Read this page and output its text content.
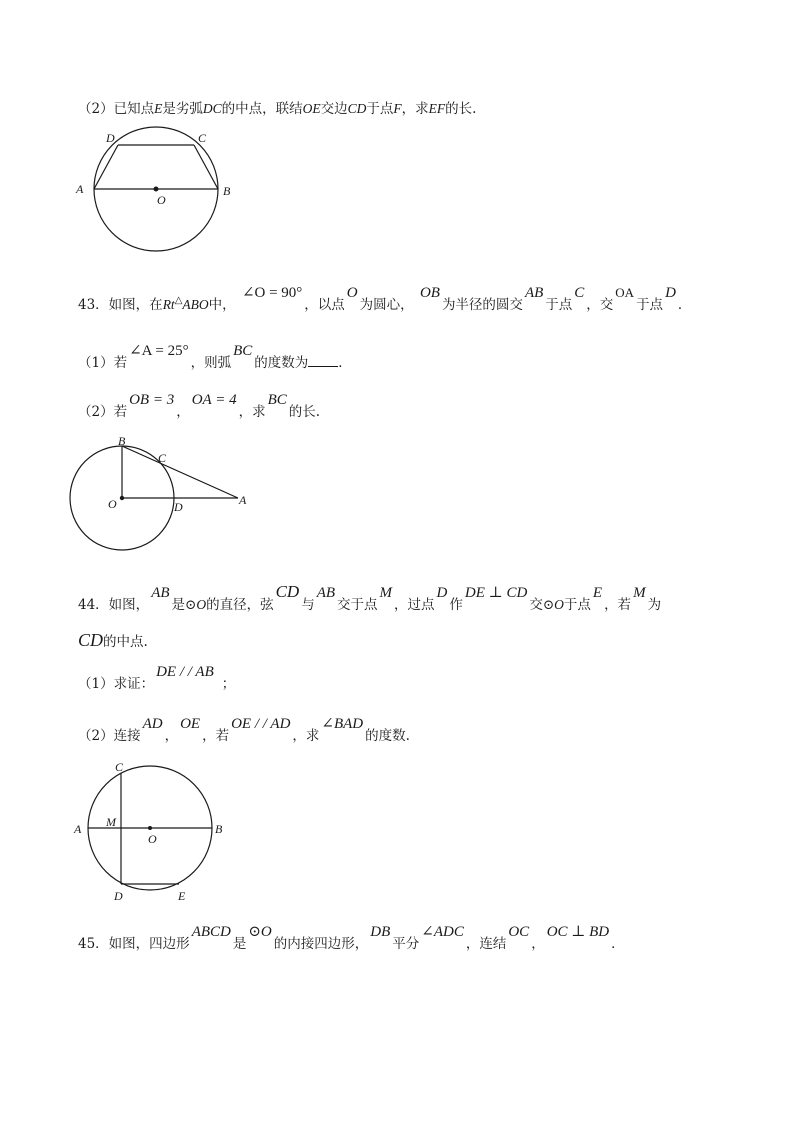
（2）已知点E是劣弧DC的中点，联结OE交边CD于点F，求EF的长.
D	C
A	B
O
43．如图，在Rt△ABO中， ∠O = 90°，以点O为圆心， OB为半径的圆交AB于点C，交OA于点D．
（1）若∠A = 25°，则弧BC的度数为 ．
（2）若OB = 3，OA = 4，求BC的长.
B
C
O	D	A
44．如图，AB是⊙O的直径，弦CD与AB交于点M，过点D作DE ⊥ CD交⊙O于点E，若M为
CD的中点.
（1）求证：DE / / AB；
（2）连接AD，OE，若OE / / AD，求∠BAD的度数.
C
M
A	B
O
D	E
45．如图，四边形ABCD是⊙O的内接四边形，DB平分∠ADC，连结OC，OC ⊥ BD．
